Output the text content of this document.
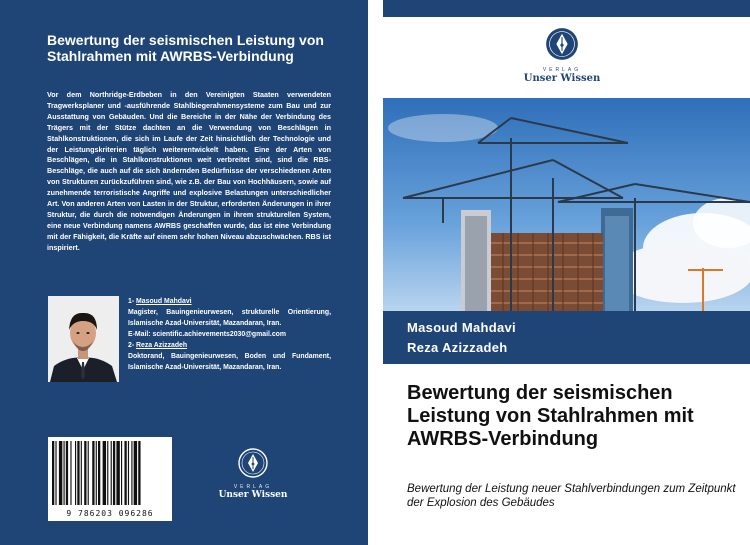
Bewertung der seismischen Leistung von Stahlrahmen mit AWRBS-Verbindung
Vor dem Northridge-Erdbeben in den Vereinigten Staaten verwendeten Tragwerksplaner und -ausführende Stahlbiegerahmensysteme zum Bau und zur Ausstattung von Gebäuden. Und die Bereiche in der Nähe der Verbindung des Trägers mit der Stütze dachten an die Verwendung von Beschlägen in Stahlkonstruktionen, die sich im Laufe der Zeit hinsichtlich der Technologie und der Leistungskriterien täglich weiterentwickelt haben. Eine der Arten von Beschlägen, die in Stahlkonstruktionen weit verbreitet sind, sind die RBS-Beschläge, die auch auf die sich ändernden Bedürfnisse der verschiedenen Arten von Strukturen zurückzuführen sind, wie z.B. der Bau von Hochhäusern, sowie auf zunehmende terroristische Angriffe und explosive Belastungen unterschiedlicher Art. Von anderen Arten von Lasten in der Struktur, erforderten Änderungen in ihrer Struktur, die durch die notwendigen Änderungen in ihrem strukturellen System, eine neue Verbindung namens AWRBS geschaffen wurde, das ist eine Verbindung mit der Fähigkeit, die Kräfte auf einem sehr hohen Niveau abzuschwächen. RBS ist inspiriert.
1- Masoud Mahdavi
Magister, Bauingenieurwesen, strukturelle Orientierung, Islamische Azad-Universität, Mazandaran, Iran.
E-Mail: scientific.achievements2030@gmail.com
2- Reza Azizzadeh
Doktorand, Bauingenieurwesen, Boden und Fundament, Islamische Azad-Universität, Mazandaran, Iran.
9 786203 096286
VERLAG
Unser Wissen
VERLAG
Unser Wissen
Masoud Mahdavi
Reza Azizzadeh
Bewertung der seismischen Leistung von Stahlrahmen mit AWRBS-Verbindung
Bewertung der Leistung neuer Stahlverbindungen zum Zeitpunkt der Explosion des Gebäudes
